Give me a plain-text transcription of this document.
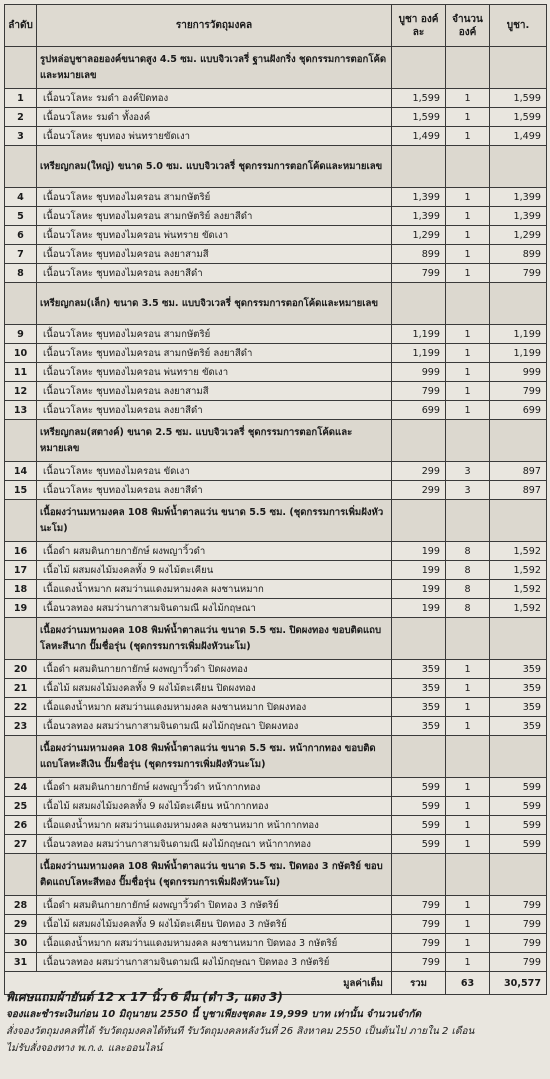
ลำดับ	รายการวัตถุมงคล	บูชา องค์ละ	จำนวน องค์	บูชา.
	รูปหล่อบูชาลอยองค์ขนาดสูง 4.5 ซม. แบบจิวเวลรี่ ฐานฝังกริ่ง ชุดกรรมการตอกโค้ดและหมายเลข			
1	เนื้อนวโลหะ รมดำ องค์ปิดทอง	1,599	1	1,599
2	เนื้อนวโลหะ รมดำ ทั้งองค์	1,599	1	1,599
3	เนื้อนวโลหะ ชุบทอง พ่นทรายขัดเงา	1,499	1	1,499
	เหรียญกลม(ใหญ่) ขนาด 5.0 ซม. แบบจิวเวลรี่ ชุดกรรมการตอกโค้ดและหมายเลข			
4	เนื้อนวโลหะ ชุบทองไมครอน สามกษัตริย์	1,399	1	1,399
5	เนื้อนวโลหะ ชุบทองไมครอน สามกษัตริย์ ลงยาสีดำ	1,399	1	1,399
6	เนื้อนวโลหะ ชุบทองไมครอน พ่นทราย ขัดเงา	1,299	1	1,299
7	เนื้อนวโลหะ ชุบทองไมครอน ลงยาสามสี	899	1	899
8	เนื้อนวโลหะ ชุบทองไมครอน ลงยาสีดำ	799	1	799
	เหรียญกลม(เล็ก) ขนาด 3.5 ซม. แบบจิวเวลรี่ ชุดกรรมการตอกโค้ดและหมายเลข			
9	เนื้อนวโลหะ ชุบทองไมครอน สามกษัตริย์	1,199	1	1,199
10	เนื้อนวโลหะ ชุบทองไมครอน สามกษัตริย์ ลงยาสีดำ	1,199	1	1,199
11	เนื้อนวโลหะ ชุบทองไมครอน พ่นทราย ขัดเงา	999	1	999
12	เนื้อนวโลหะ ชุบทองไมครอน ลงยาสามสี	799	1	799
13	เนื้อนวโลหะ ชุบทองไมครอน ลงยาสีดำ	699	1	699
	เหรียญกลม(สตางค์) ขนาด 2.5 ซม. แบบจิวเวลรี่ ชุดกรรมการตอกโค้ดและหมายเลข			
14	เนื้อนวโลหะ ชุบทองไมครอน ขัดเงา	299	3	897
15	เนื้อนวโลหะ ชุบทองไมครอน ลงยาสีดำ	299	3	897
	เนื้อผงว่านมหามงคล 108 พิมพ์น้ำตาลแว่น ขนาด 5.5 ซม. (ชุดกรรมการเพิ่มฝังหัวนะโม)			
16	เนื้อดำ ผสมดินกายกายักษ์ ผงพญาวิ้วดำ	199	8	1,592
17	เนื้อไม้ ผสมผงไม้มงคลทั้ง 9 ผงไม้ตะเคียน	199	8	1,592
18	เนื้อแดงน้ำหมาก ผสมว่านแดงมหามงคล ผงชานหมาก	199	8	1,592
19	เนื้อนวลทอง ผสมว่านกาสามจินดามณี ผงไม้กฤษณา	199	8	1,592
	เนื้อผงว่านมหามงคล 108 พิมพ์น้ำตาลแว่น ขนาด 5.5 ซม. ปิดผงทอง ขอบติดแถบโลหะสีนาก ปั๊มชื่อรุ่น (ชุดกรรมการเพิ่มฝังหัวนะโม)			
20	เนื้อดำ ผสมดินกายกายักษ์ ผงพญาวิ้วดำ ปิดผงทอง	359	1	359
21	เนื้อไม้ ผสมผงไม้มงคลทั้ง 9 ผงไม้ตะเคียน ปิดผงทอง	359	1	359
22	เนื้อแดงน้ำหมาก ผสมว่านแดงมหามงคล ผงชานหมาก ปิดผงทอง	359	1	359
23	เนื้อนวลทอง ผสมว่านกาสามจินดามณี ผงไม้กฤษณา ปิดผงทอง	359	1	359
	เนื้อผงว่านมหามงคล 108 พิมพ์น้ำตาลแว่น ขนาด 5.5 ซม. หน้ากากทอง ขอบติดแถบโลหะสีเงิน ปั๊มชื่อรุ่น (ชุดกรรมการเพิ่มฝังหัวนะโม)			
24	เนื้อดำ ผสมดินกายกายักษ์ ผงพญาวิ้วดำ หน้ากากทอง	599	1	599
25	เนื้อไม้ ผสมผงไม้มงคลทั้ง 9 ผงไม้ตะเคียน หน้ากากทอง	599	1	599
26	เนื้อแดงน้ำหมาก ผสมว่านแดงมหามงคล ผงชานหมาก หน้ากากทอง	599	1	599
27	เนื้อนวลทอง ผสมว่านกาสามจินดามณี ผงไม้กฤษณา หน้ากากทอง	599	1	599
	เนื้อผงว่านมหามงคล 108 พิมพ์น้ำตาลแว่น ขนาด 5.5 ซม. ปิดทอง 3 กษัตริย์ ขอบติดแถบโลหะสีทอง ปั๊มชื่อรุ่น (ชุดกรรมการเพิ่มฝังหัวนะโม)			
28	เนื้อดำ ผสมดินกายกายักษ์ ผงพญาวิ้วดำ ปิดทอง 3 กษัตริย์	799	1	799
29	เนื้อไม้ ผสมผงไม้มงคลทั้ง 9 ผงไม้ตะเคียน ปิดทอง 3 กษัตริย์	799	1	799
30	เนื้อแดงน้ำหมาก ผสมว่านแดงมหามงคล ผงชานหมาก ปิดทอง 3 กษัตริย์	799	1	799
31	เนื้อนวลทอง ผสมว่านกาสามจินดามณี ผงไม้กฤษณา ปิดทอง 3 กษัตริย์	799	1	799
มูลค่าเต็ม		รวม	63	30,577
พิเศษแถมผ้ายันต์ 12 x 17 นิ้ว 6 ผืน (ดำ 3, แดง 3)
จองและชำระเงินก่อน 10 มิถุนายน 2550 นี้ บูชาเพียงชุดละ 19,999 บาท เท่านั้น จำนวนจำกัด
สั่งจองวัตถุมงคลที่ได้ รับวัตถุมงคลได้ทันที รับวัตถุมงคลหลังวันที่ 26 สิงหาคม 2550 เป็นต้นไป ภายใน 2 เดือน
ไม่รับสั่งจองทาง พ.ก.ง. และออนไลน์
